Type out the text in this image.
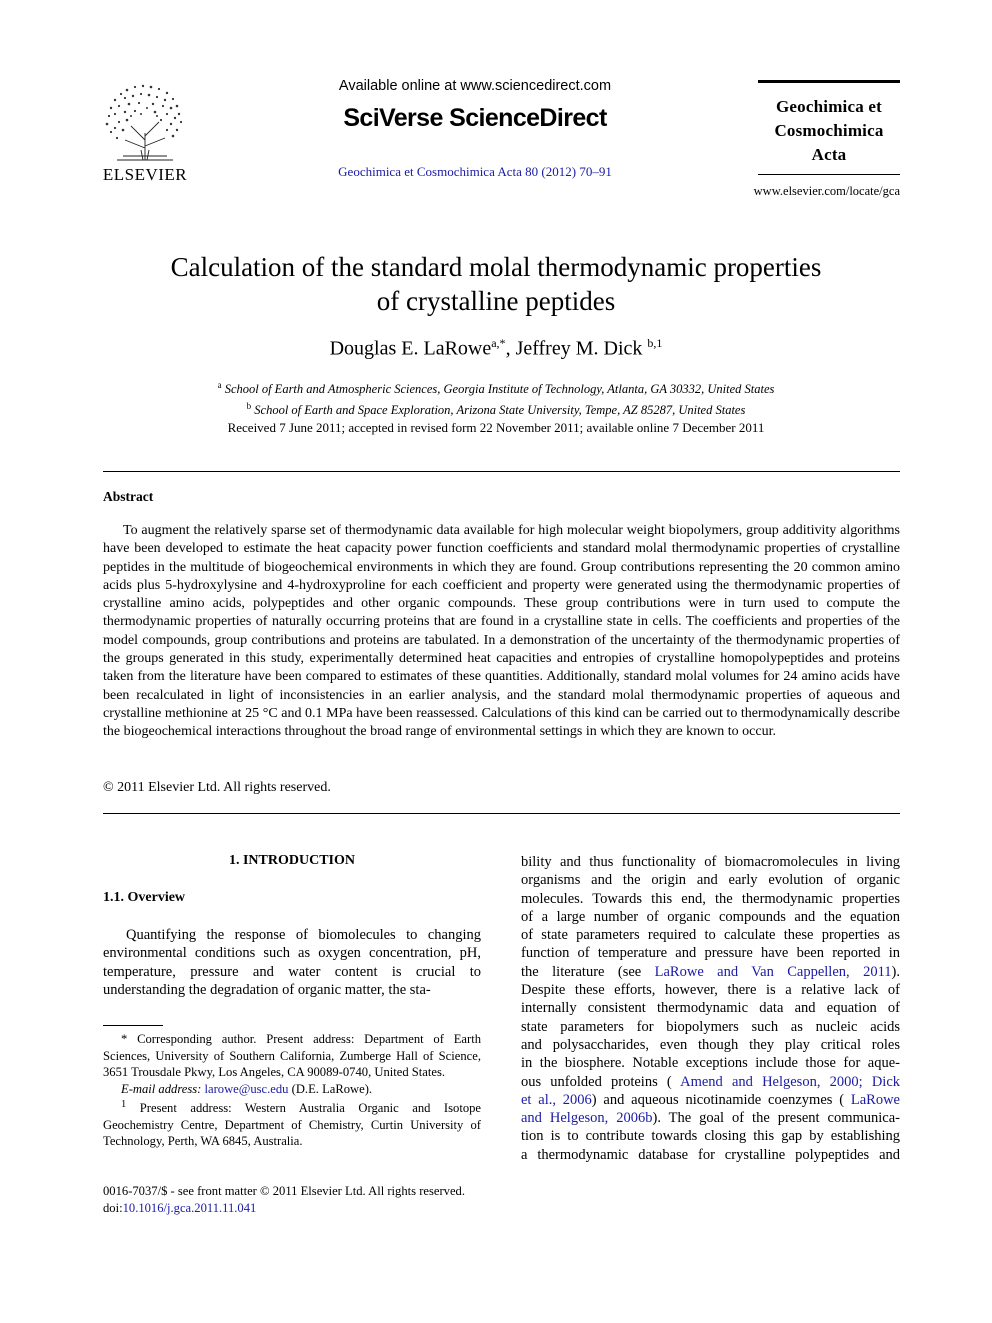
ELSEVIER
Available online at www.sciencedirect.com
SciVerse ScienceDirect
Geochimica et Cosmochimica Acta 80 (2012) 70–91
Geochimica et
Cosmochimica
Acta
www.elsevier.com/locate/gca
Calculation of the standard molal thermodynamic properties
of crystalline peptides
Douglas E. LaRowe$^{a,*}$, Jeffrey M. Dick $^{b,1}$
$^a$ School of Earth and Atmospheric Sciences, Georgia Institute of Technology, Atlanta, GA 30332, United States
$^b$ School of Earth and Space Exploration, Arizona State University, Tempe, AZ 85287, United States
Received 7 June 2011; accepted in revised form 22 November 2011; available online 7 December 2011
Abstract
To augment the relatively sparse set of thermodynamic data available for high molecular weight biopolymers, group additivity algorithms have been developed to estimate the heat capacity power function coefficients and standard molal thermodynamic properties of crystalline peptides in the multitude of biogeochemical environments in which they are found. Group contributions representing the 20 common amino acids plus 5-hydroxylysine and 4-hydroxyproline for each coefficient and property were generated using the thermodynamic properties of crystalline amino acids, polypeptides and other organic compounds. These group contributions were in turn used to compute the thermodynamic properties of naturally occurring proteins that are found in a crystalline state in cells. The coefficients and properties of the model compounds, group contributions and proteins are tabulated. In a demonstration of the uncertainty of the thermodynamic properties of the groups generated in this study, experimentally determined heat capacities and entropies of crystalline homopolypeptides and proteins taken from the literature have been compared to estimates of these quantities. Additionally, standard molal volumes for 24 amino acids have been recalculated in light of inconsistencies in an earlier analysis, and the standard molal thermodynamic properties of aqueous and crystalline methionine at 25 °C and 0.1 MPa have been reassessed. Calculations of this kind can be carried out to thermodynamically describe the biogeochemical interactions throughout the broad range of environmental settings in which they are known to occur.
© 2011 Elsevier Ltd. All rights reserved.
1. INTRODUCTION
1.1. Overview
Quantifying the response of biomolecules to changing environmental conditions such as oxygen concentration, pH, temperature, pressure and water content is crucial to understanding the degradation of organic matter, the sta-

* Corresponding author. Present address: Department of Earth Sciences, University of Southern California, Zumberge Hall of Science, 3651 Trousdale Pkwy, Los Angeles, CA 90089-0740, United States.

E-mail address: larowe@usc.edu (D.E. LaRowe).

$^1$ Present address: Western Australia Organic and Isotope Geochemistry Centre, Department of Chemistry, Curtin University of Technology, Perth, WA 6845, Australia.

0016-7037/$ - see front matter © 2011 Elsevier Ltd. All rights reserved.
doi:10.1016/j.gca.2011.11.041
bility and thus functionality of biomacromolecules in living
organisms and the origin and early evolution of organic
molecules. Towards this end, the thermodynamic properties
of a large number of organic compounds and the equation
of state parameters required to calculate these properties as
function of temperature and pressure have been reported in
the literature (see LaRowe and Van Cappellen, 2011).
Despite these efforts, however, there is a relative lack of
internally consistent thermodynamic data and equation of
state parameters for biopolymers such as nucleic acids
and polysaccharides, even though they play critical roles
in the biosphere. Notable exceptions include those for aque-
ous unfolded proteins ( Amend and Helgeson, 2000; Dick
et al., 2006) and aqueous nicotinamide coenzymes ( LaRowe
and Helgeson, 2006b). The goal of the present communica-
tion is to contribute towards closing this gap by establishing
a thermodynamic database for crystalline polypeptides and
